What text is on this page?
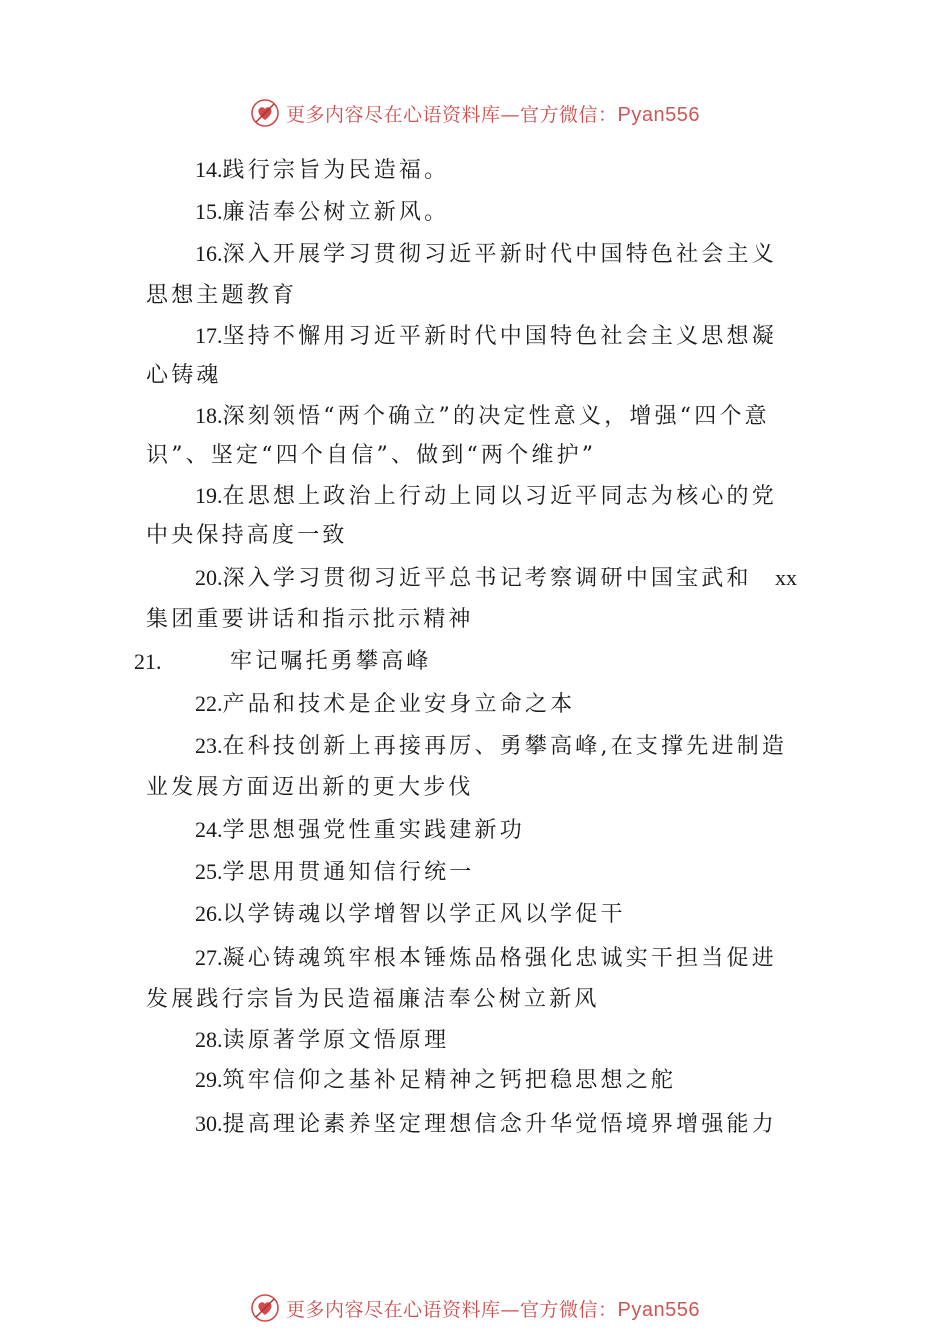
更多内容尽在心语资料库—官方微信：Pyan556
14.践行宗旨为民造福。
15.廉洁奉公树立新风。
16.深入开展学习贯彻习近平新时代中国特色社会主义
思想主题教育
17.坚持不懈用习近平新时代中国特色社会主义思想凝
心铸魂
18.深刻领悟“两个确立”的决定性意义，增强“四个意
识”、坚定“四个自信”、做到“两个维护”
19.在思想上政治上行动上同以习近平同志为核心的党
中央保持高度一致
20.深入学习贯彻习近平总书记考察调研中国宝武和 xx
集团重要讲话和指示批示精神
21.	牢记嘱托勇攀高峰
22.产品和技术是企业安身立命之本
23.在科技创新上再接再厉、勇攀高峰,在支撑先进制造
业发展方面迈出新的更大步伐
24.学思想强党性重实践建新功
25.学思用贯通知信行统一
26.以学铸魂以学增智以学正风以学促干
27.凝心铸魂筑牢根本锤炼品格强化忠诚实干担当促进
发展践行宗旨为民造福廉洁奉公树立新风
28.读原著学原文悟原理
29.筑牢信仰之基补足精神之钙把稳思想之舵
30.提高理论素养坚定理想信念升华觉悟境界增强能力
更多内容尽在心语资料库—官方微信：Pyan556
